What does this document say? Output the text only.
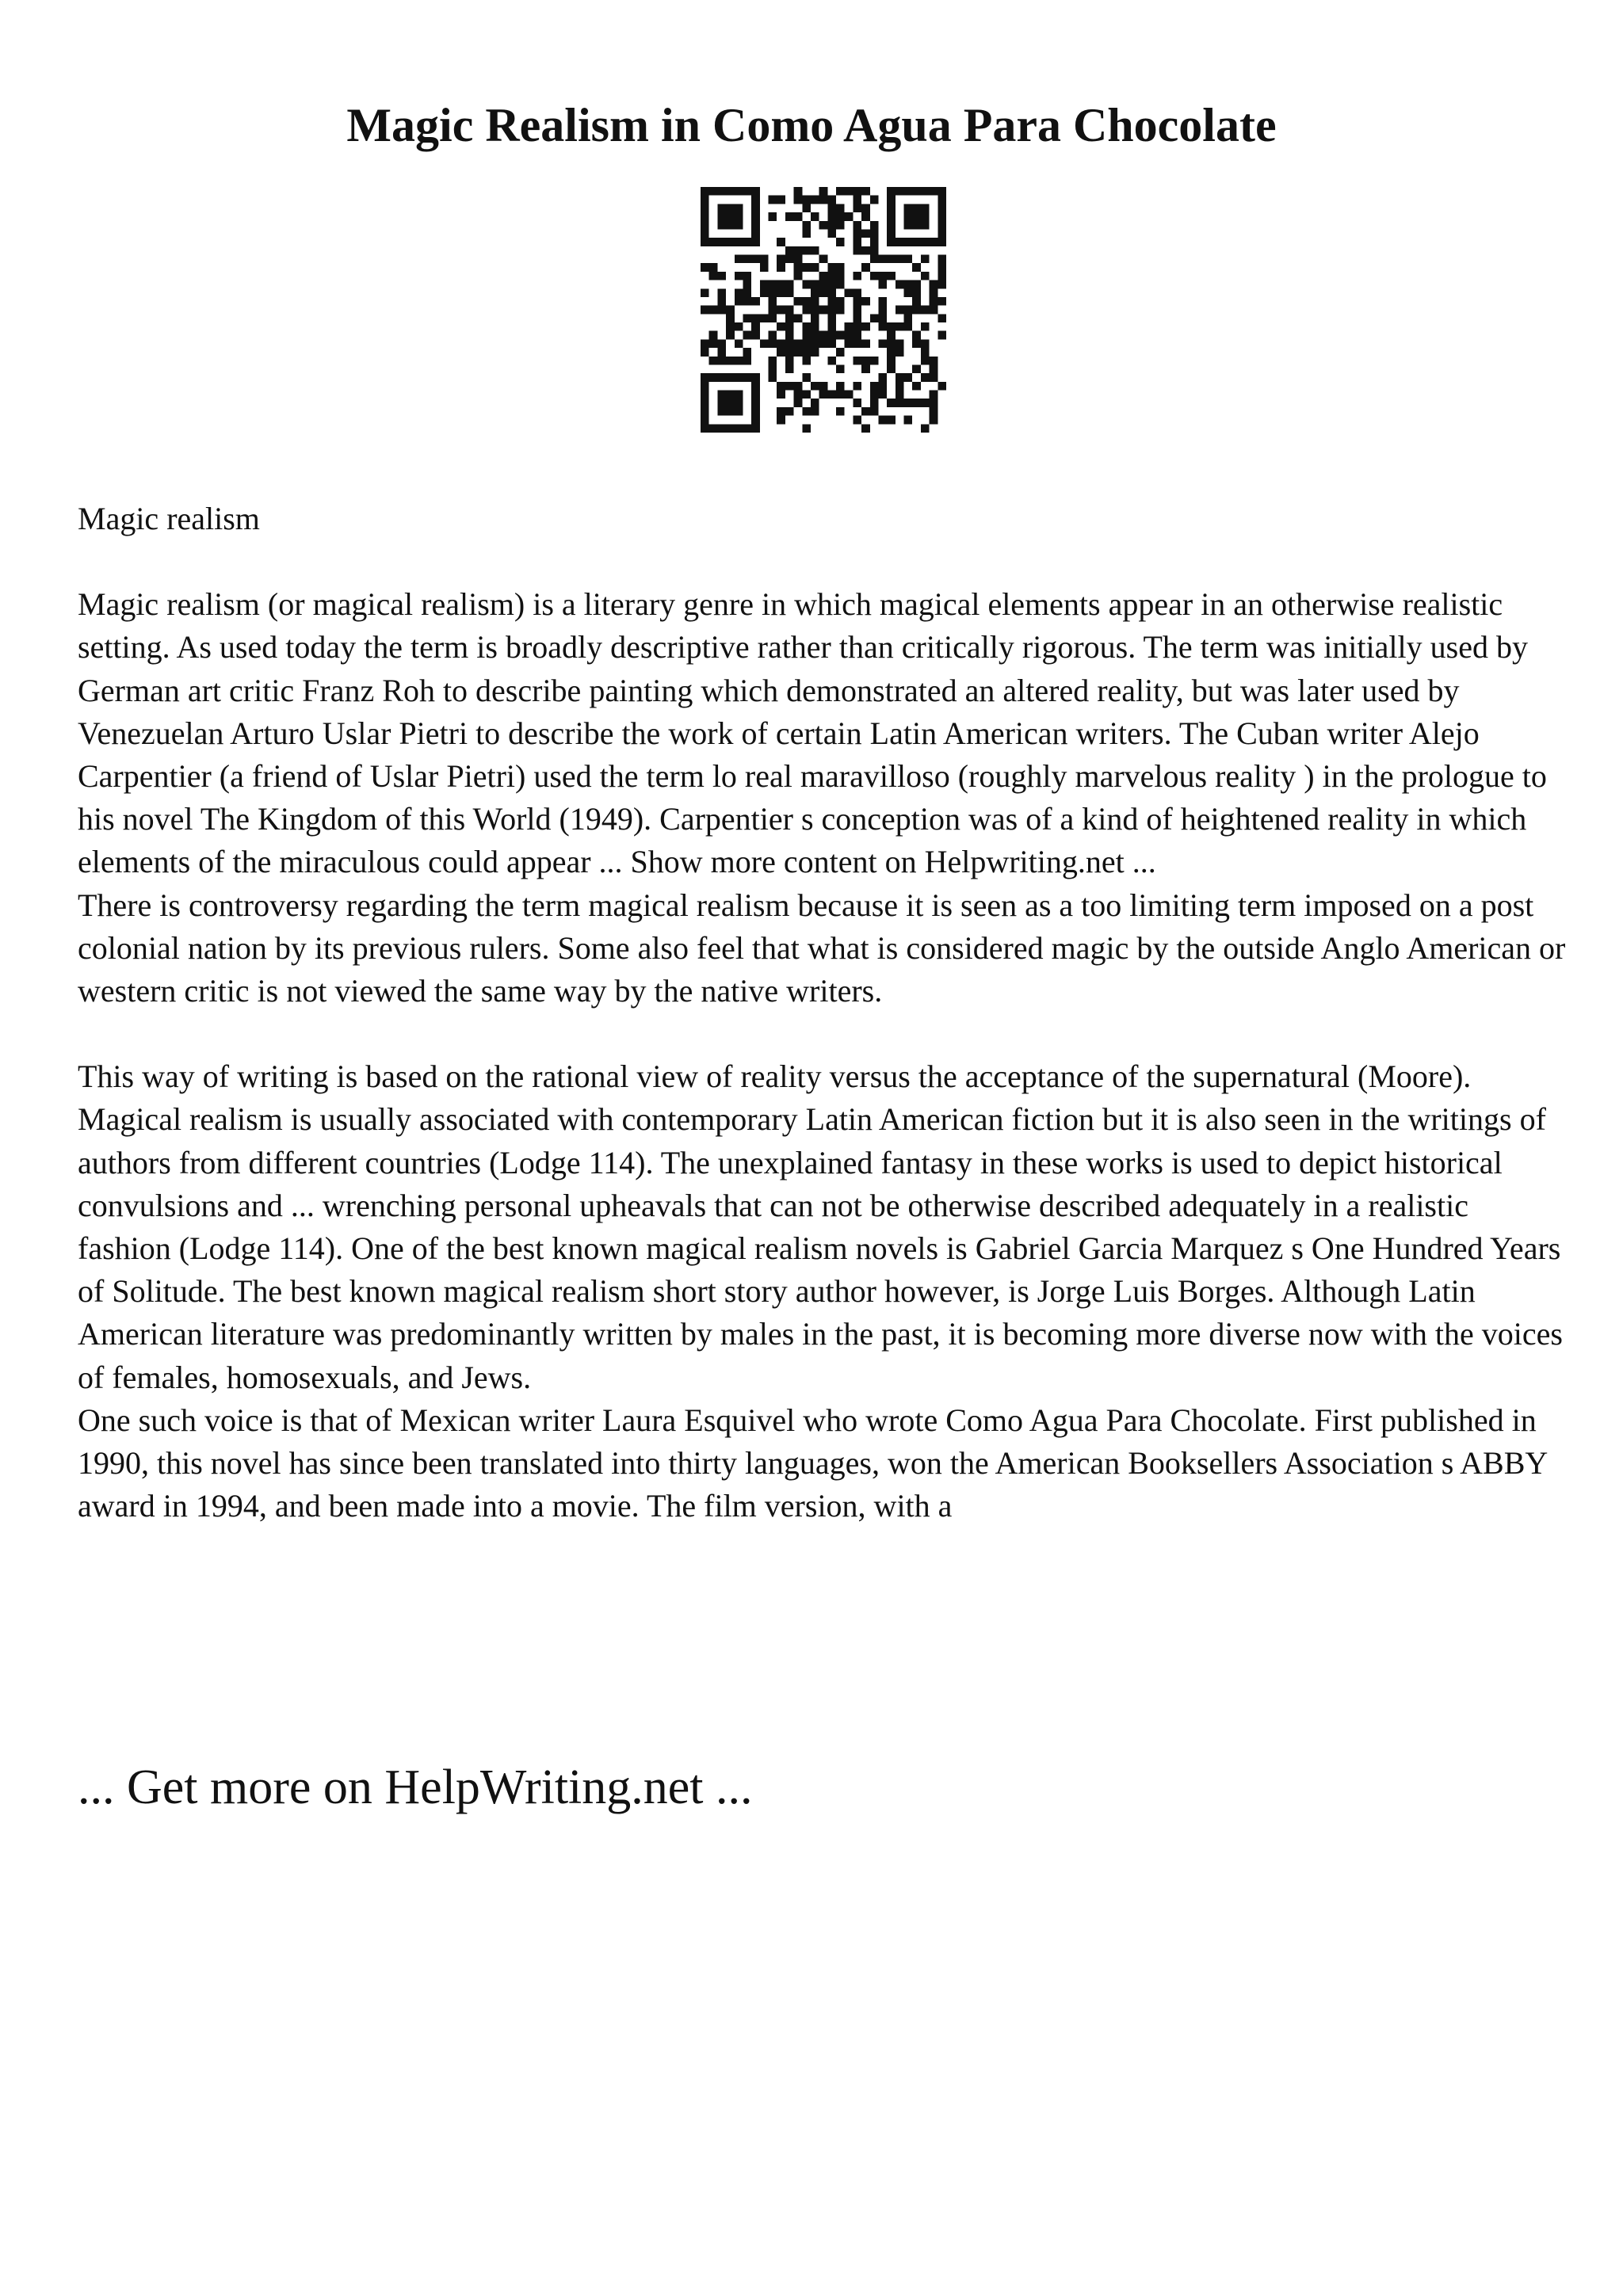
Magic Realism in Como Agua Para Chocolate

Magic realism

Magic realism (or magical realism) is a literary genre in which magical elements appear in an otherwise realistic setting. As used today the term is broadly descriptive rather than critically rigorous. The term was initially used by German art critic Franz Roh to describe painting which demonstrated an altered reality, but was later used by Venezuelan Arturo Uslar Pietri to describe the work of certain Latin American writers. The Cuban writer Alejo Carpentier (a friend of Uslar Pietri) used the term lo real maravilloso (roughly marvelous reality ) in the prologue to his novel The Kingdom of this World (1949). Carpentier s conception was of a kind of heightened reality in which elements of the miraculous could appear ... Show more content on Helpwriting.net ...

There is controversy regarding the term magical realism because it is seen as a too limiting term imposed on a post colonial nation by its previous rulers. Some also feel that what is considered magic by the outside Anglo American or western critic is not viewed the same way by the native writers.

This way of writing is based on the rational view of reality versus the acceptance of the supernatural (Moore). Magical realism is usually associated with contemporary Latin American fiction but it is also seen in the writings of authors from different countries (Lodge 114). The unexplained fantasy in these works is used to depict historical convulsions and ... wrenching personal upheavals that can not be otherwise described adequately in a realistic fashion (Lodge 114). One of the best known magical realism novels is Gabriel Garcia Marquez s One Hundred Years of Solitude. The best known magical realism short story author however, is Jorge Luis Borges. Although Latin American literature was predominantly written by males in the past, it is becoming more diverse now with the voices of females, homosexuals, and Jews.

One such voice is that of Mexican writer Laura Esquivel who wrote Como Agua Para Chocolate. First published in 1990, this novel has since been translated into thirty languages, won the American Booksellers Association s ABBY award in 1994, and been made into a movie. The film version, with a

... Get more on HelpWriting.net ...
